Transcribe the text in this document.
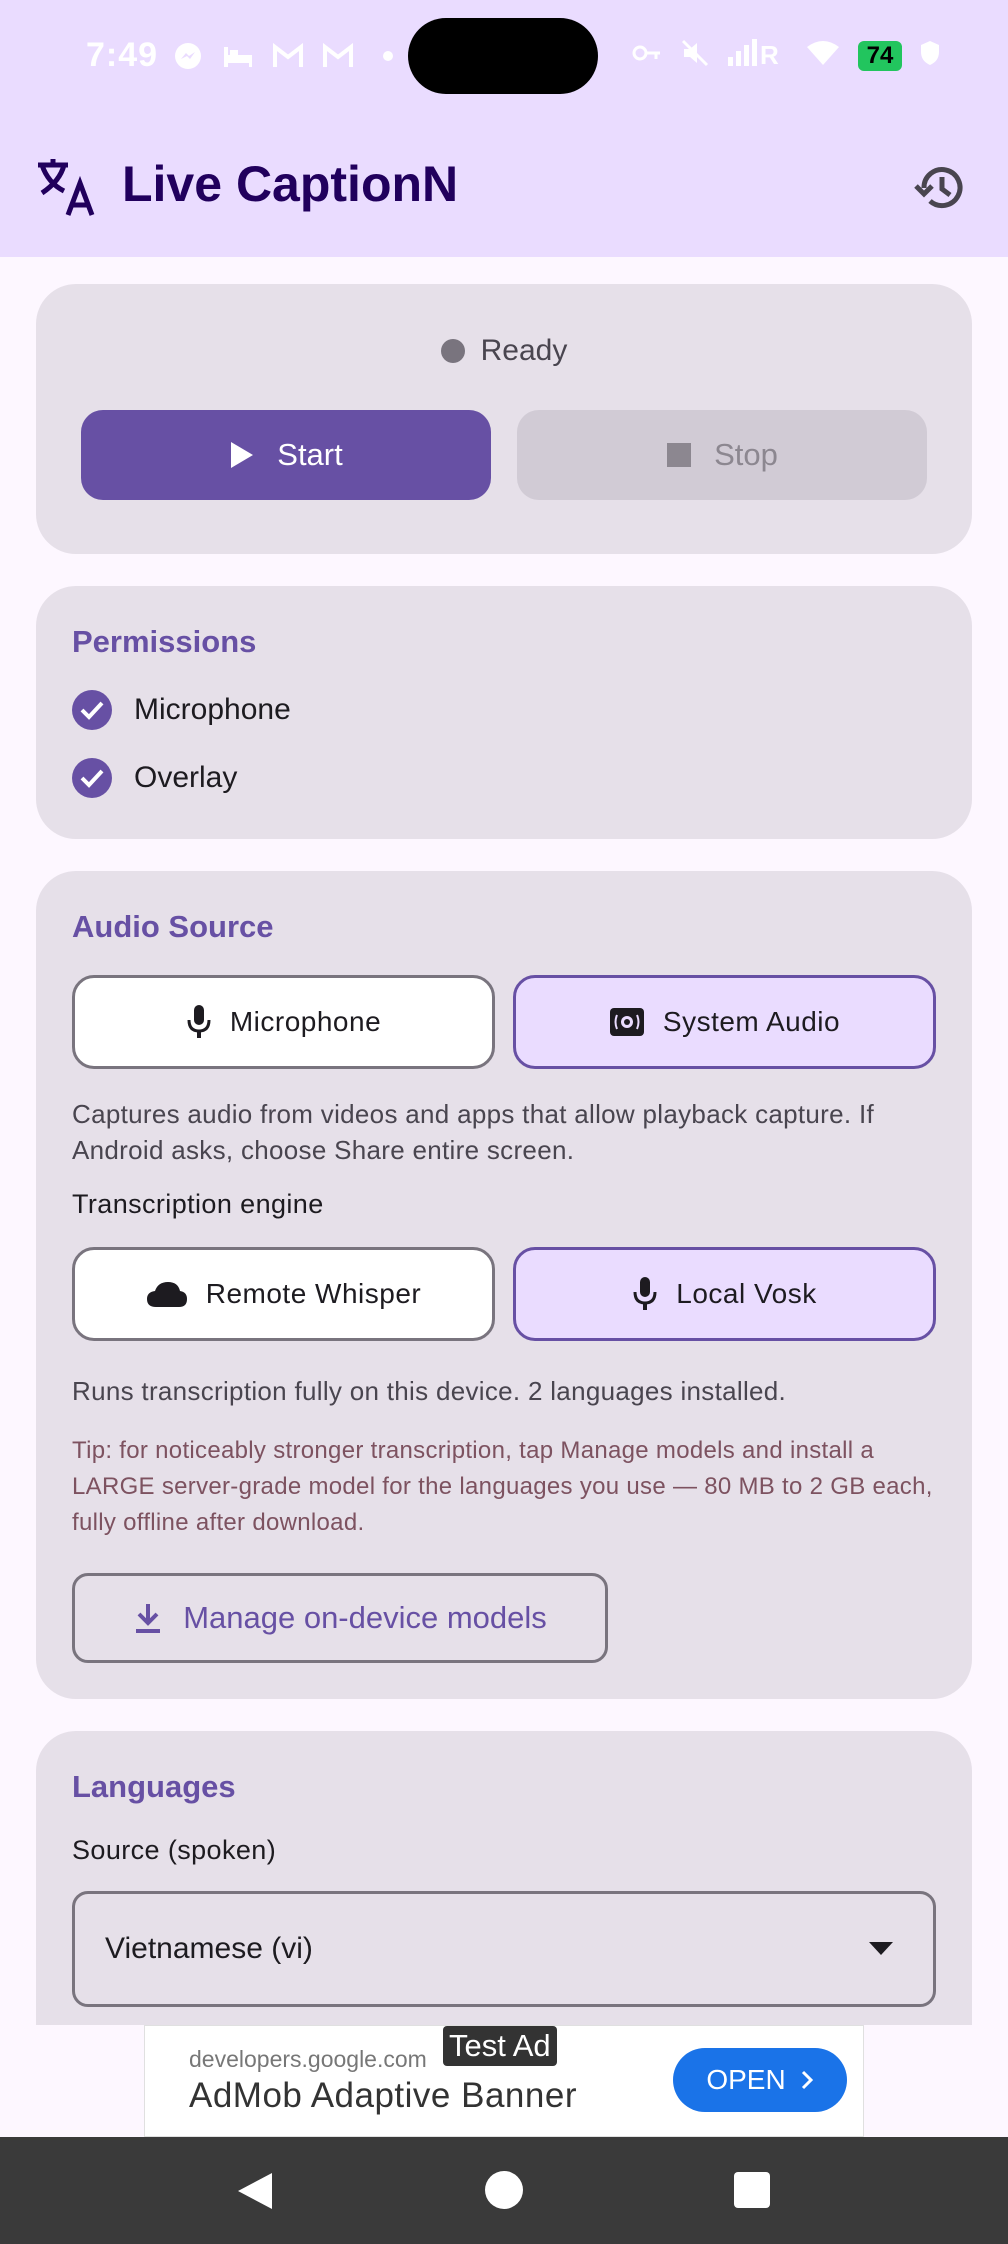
7:49	R	74
Live CaptionN
Ready
Start	Stop
Permissions
Microphone
Overlay
Audio Source
Microphone	System Audio
Captures audio from videos and apps that allow playback capture. If Android asks, choose Share entire screen.
Transcription engine
Remote Whisper	Local Vosk
Runs transcription fully on this device. 2 languages installed.
Tip: for noticeably stronger transcription, tap Manage models and install a LARGE server-grade model for the languages you use — 80 MB to 2 GB each, fully offline after download.
Manage on-device models
Languages
Source (spoken)
Vietnamese (vi)
developers.google.com
AdMob Adaptive Banner
Test Ad
OPEN
